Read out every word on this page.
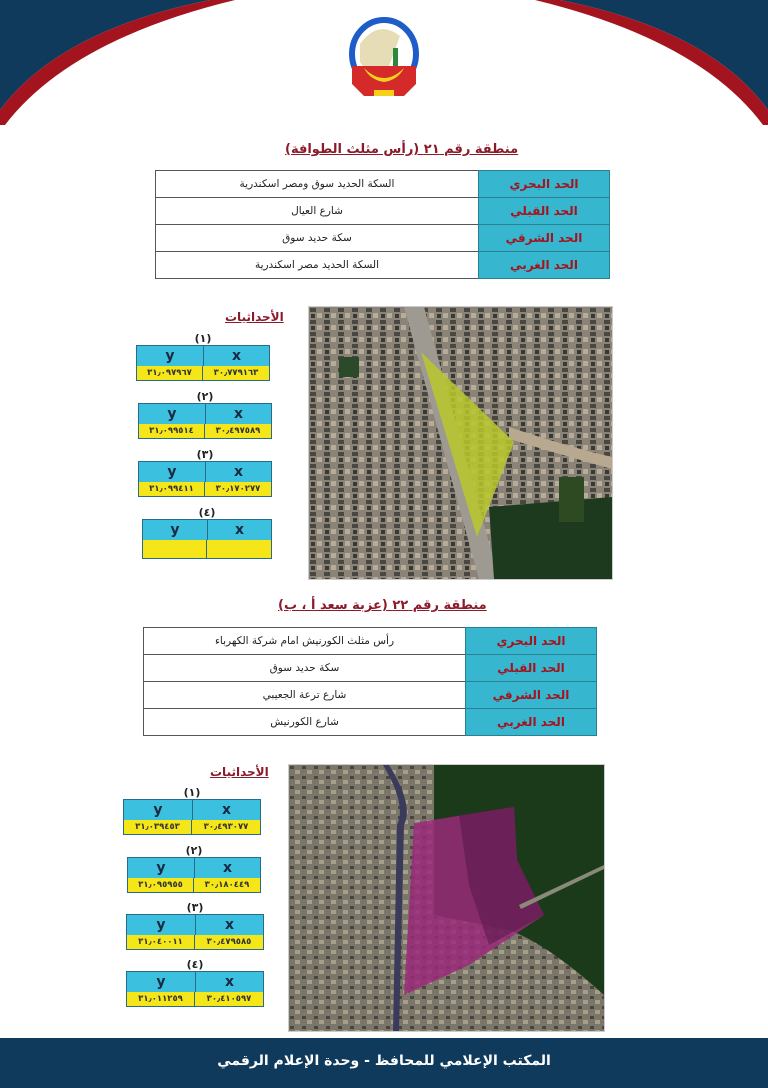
منطقة رقم ٢١ (رأس مثلث الطوافة)
الحد البحري	السكة الحديد سوق ومصر اسكندرية
الحد القبلي	شارع العيال
الحد الشرقي	سكة حديد سوق
الحد الغربي	السكة الحديد مصر اسكندرية
الأحداثيات
(١)
y	x
٣١٫٠٩٧٩٦٧	٣٠٫٧٧٩١٦٣
(٢)
y	x
٣١٫٠٩٩٥١٤	٣٠٫٤٩٧٥٨٩
(٣)
y	x
٣١٫٠٩٩٤١١	٣٠٫١٧٠٢٧٧
(٤)
y	x
منطقة رقم ٢٢ (عزبة سعد أ ، ب)
الحد البحري	رأس مثلث الكورنيش امام شركة الكهرباء
الحد القبلي	سكة حديد سوق
الحد الشرقي	شارع ترعة الجعيبي
الحد الغربي	شارع الكورنيش
الأحداثيات
(١)
y	x
٣١٫٠٣٩٤٥٣	٣٠٫٤٩٣٠٧٧
(٢)
y	x
٣١٫٠٩٥٩٥٥	٣٠٫١٨٠٤٤٩
(٣)
y	x
٣١٫٠٤٠٠١١	٣٠٫٤٧٩٥٨٥
(٤)
y	x
٣١٫٠١١٢٥٩	٣٠٫٤١٠٥٩٧
المكتب الإعلامي للمحافظ - وحدة الإعلام الرقمي
